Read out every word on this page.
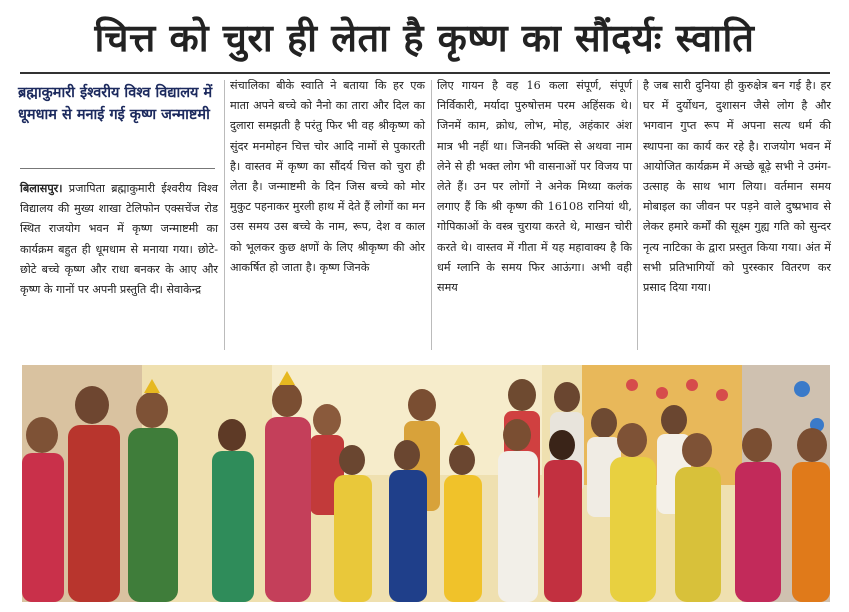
चित्त को चुरा ही लेता है कृष्ण का सौंदर्यः स्वाति
ब्रह्माकुमारी ईश्वरीय विश्व विद्यालय में धूमधाम से मनाई गई कृष्ण जन्माष्टमी
बिलासपुर। प्रजापिता ब्रह्माकुमारी ईश्वरीय विश्व विद्यालय की मुख्य शाखा टेलिफोन एक्सचेंज रोड स्थित राजयोग भवन में कृष्ण जन्माष्टमी का कार्यक्रम बहुत ही धूमधाम से मनाया गया। छोटे-छोटे बच्चे कृष्ण और राधा बनकर के आए और कृष्ण के गानों पर अपनी प्रस्तुति दी। सेवाकेन्द्र
संचालिका बीके स्वाति ने बताया कि हर एक माता अपने बच्चे को नैनो का तारा और दिल का दुलारा समझती है परंतु फिर भी वह श्रीकृष्ण को सुंदर मनमोहन चित्त चोर आदि नामों से पुकारती है। वास्तव में कृष्ण का सौंदर्य चित्त को चुरा ही लेता है। जन्माष्टमी के दिन जिस बच्चे को मोर मुकुट पहनाकर मुरली हाथ में देते हैं लोगों का मन उस समय उस बच्चे के नाम, रूप, देश व काल को भूलकर कुछ क्षणों के लिए श्रीकृष्ण की ओर आकर्षित हो जाता है। कृष्ण जिनके
लिए गायन है वह 16 कला संपूर्ण, संपूर्ण निर्विकारी, मर्यादा पुरुषोत्तम परम अहिंसक थे। जिनमें काम, क्रोध, लोभ, मोह, अहंकार अंश मात्र भी नहीं था। जिनकी भक्ति से अथवा नाम लेने से ही भक्त लोग भी वासनाओं पर विजय पा लेते हैं। उन पर लोगों ने अनेक मिथ्या कलंक लगाए हैं कि श्री कृष्ण की 16108 रानियां थी, गोपिकाओं के वस्त्र चुराया करते थे, माखन चोरी करते थे। वास्तव में गीता में यह महावाक्य है कि धर्म ग्लानि के समय फिर आऊंगा। अभी वही समय
है जब सारी दुनिया ही कुरुक्षेत्र बन गई है। हर घर में दुर्योधन, दुशासन जैसे लोग है और भगवान गुप्त रूप में अपना सत्य धर्म की स्थापना का कार्य कर रहे है। राजयोग भवन में आयोजित कार्यक्रम में अच्छे बूढ़े सभी ने उमंग-उत्साह के साथ भाग लिया। वर्तमान समय मोबाइल का जीवन पर पड़ने वाले दुष्प्रभाव से लेकर हमारे कर्मों की सूक्ष्म गुह्य गति को सुन्दर नृत्य नाटिका के द्वारा प्रस्तुत किया गया। अंत में सभी प्रतिभागियों को पुरस्कार वितरण कर प्रसाद दिया गया।
